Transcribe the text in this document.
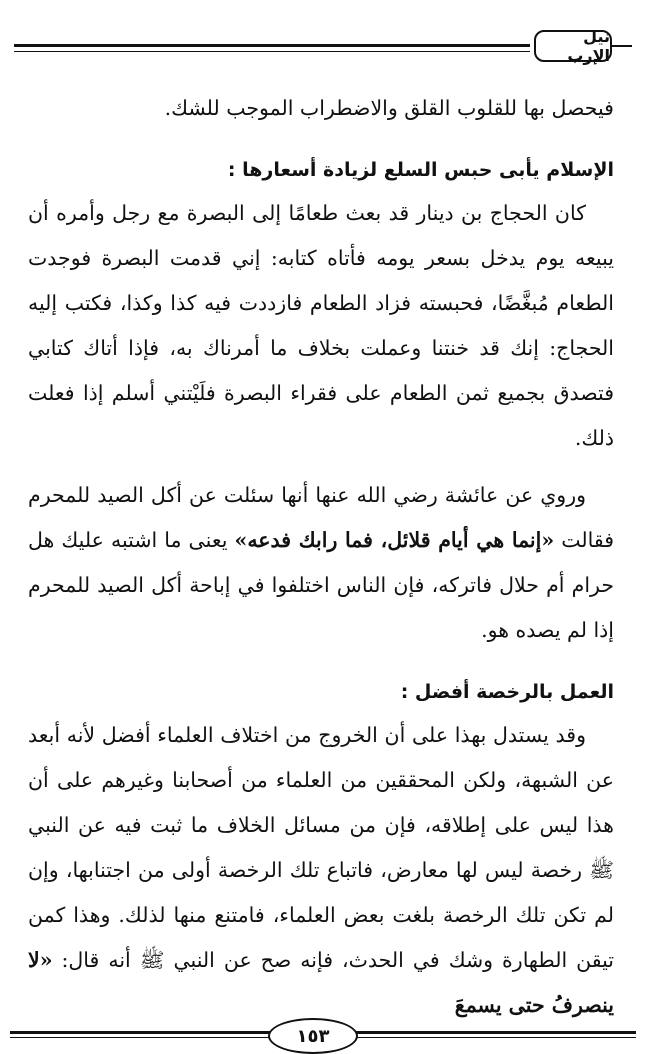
نيل الإرب

فيحصل بها للقلوب القلق والاضطراب الموجب للشك.

الإسلام يأبى حبس السلع لزيادة أسعارها :

كان الحجاج بن دينار قد بعث طعامًا إلى البصرة مع رجل وأمره أن يبيعه يوم يدخل بسعر يومه فأتاه كتابه: إني قدمت البصرة فوجدت الطعام مُبغَّضًا، فحبسته فزاد الطعام فازددت فيه كذا وكذا، فكتب إليه الحجاج: إنك قد خنتنا وعملت بخلاف ما أمرناك به، فإذا أتاك كتابي فتصدق بجميع ثمن الطعام على فقراء البصرة فلَيْتني أسلم إذا فعلت ذلك.

وروي عن عائشة رضي الله عنها أنها سئلت عن أكل الصيد للمحرم فقالت «إنما هي أيام قلائل، فما رابك فدعه» يعنى ما اشتبه عليك هل حرام أم حلال فاتركه، فإن الناس اختلفوا في إباحة أكل الصيد للمحرم إذا لم يصده هو.

العمل بالرخصة أفضل :

وقد يستدل بهذا على أن الخروج من اختلاف العلماء أفضل لأنه أبعد عن الشبهة، ولكن المحققين من العلماء من أصحابنا وغيرهم على أن هذا ليس على إطلاقه، فإن من مسائل الخلاف ما ثبت فيه عن النبي ﷺ رخصة ليس لها معارض، فاتباع تلك الرخصة أولى من اجتنابها، وإن لم تكن تلك الرخصة بلغت بعض العلماء، فامتنع منها لذلك. وهذا كمن تيقن الطهارة وشك في الحدث، فإنه صح عن النبي ﷺ أنه قال: «لا ينصرفُ حتى يسمعَ

١٥٣
